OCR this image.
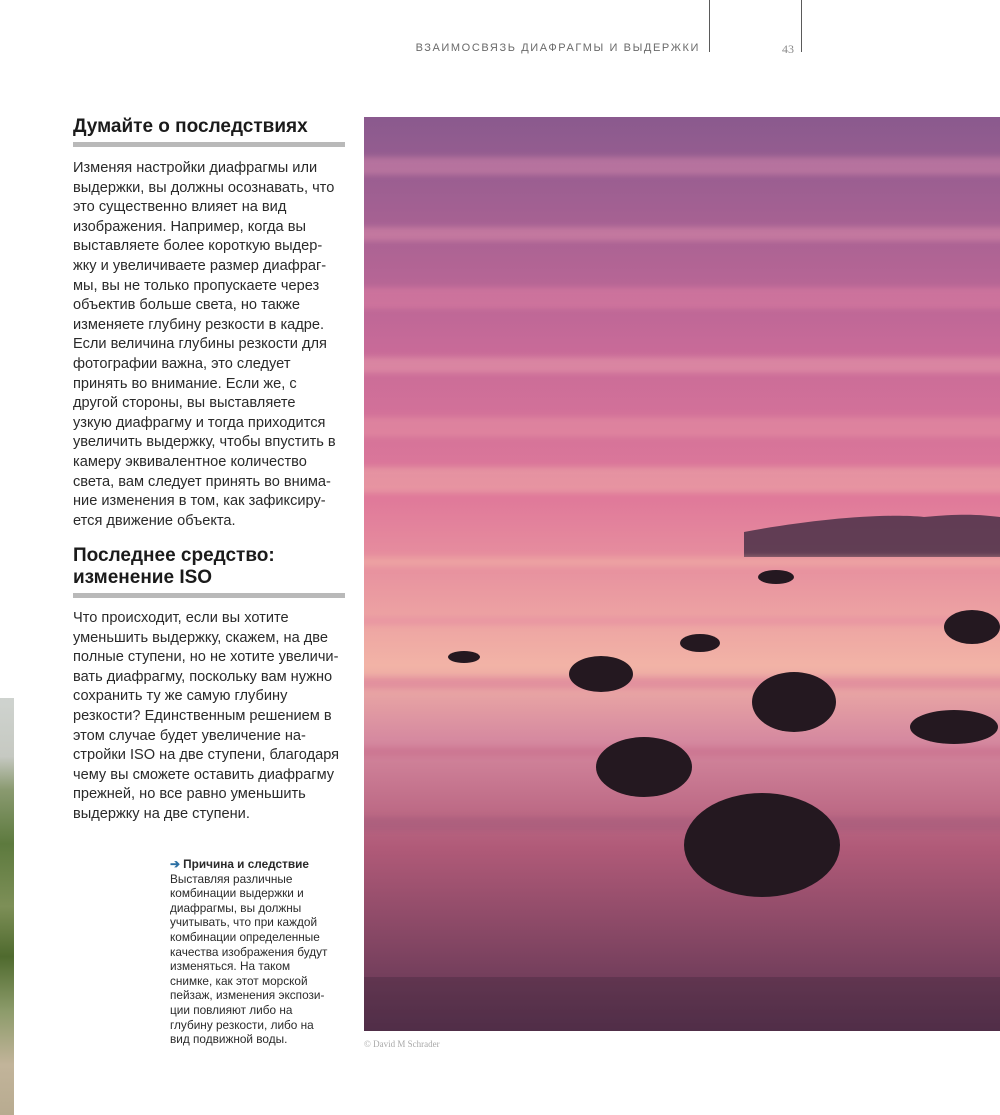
ВЗАИМОСВЯЗЬ ДИАФРАГМЫ И ВЫДЕРЖКИ	43
Думайте о последствиях
Изменяя настройки диафрагмы или
выдержки, вы должны осознавать, что
это существенно влияет на вид
изображения. Например, когда вы
выставляете более короткую выдер-
жку и увеличиваете размер диафраг-
мы, вы не только пропускаете через
объектив больше света, но также
изменяете глубину резкости в кадре.
Если величина глубины резкости для
фотографии важна, это следует
принять во внимание. Если же, с
другой стороны, вы выставляете
узкую диафрагму и тогда приходится
увеличить выдержку, чтобы впустить в
камеру эквивалентное количество
света, вам следует принять во внима-
ние изменения в том, как зафиксиру-
ется движение объекта.
Последнее средство:
изменение ISO
Что происходит, если вы хотите
уменьшить выдержку, скажем, на две
полные ступени, но не хотите увеличи-
вать диафрагму, поскольку вам нужно
сохранить ту же самую глубину
резкости? Единственным решением в
этом случае будет увеличение на-
стройки ISO на две ступени, благодаря
чему вы сможете оставить диафрагму
прежней, но все равно уменьшить
выдержку на две ступени.
➔ Причина и следствие
Выставляя различные
комбинации выдержки и
диафрагмы, вы должны
учитывать, что при каждой
комбинации определенные
качества изображения будут
изменяться. На таком
снимке, как этот морской
пейзаж, изменения экспози-
ции повлияют либо на
глубину резкости, либо на
вид подвижной воды.	© David M Schrader
